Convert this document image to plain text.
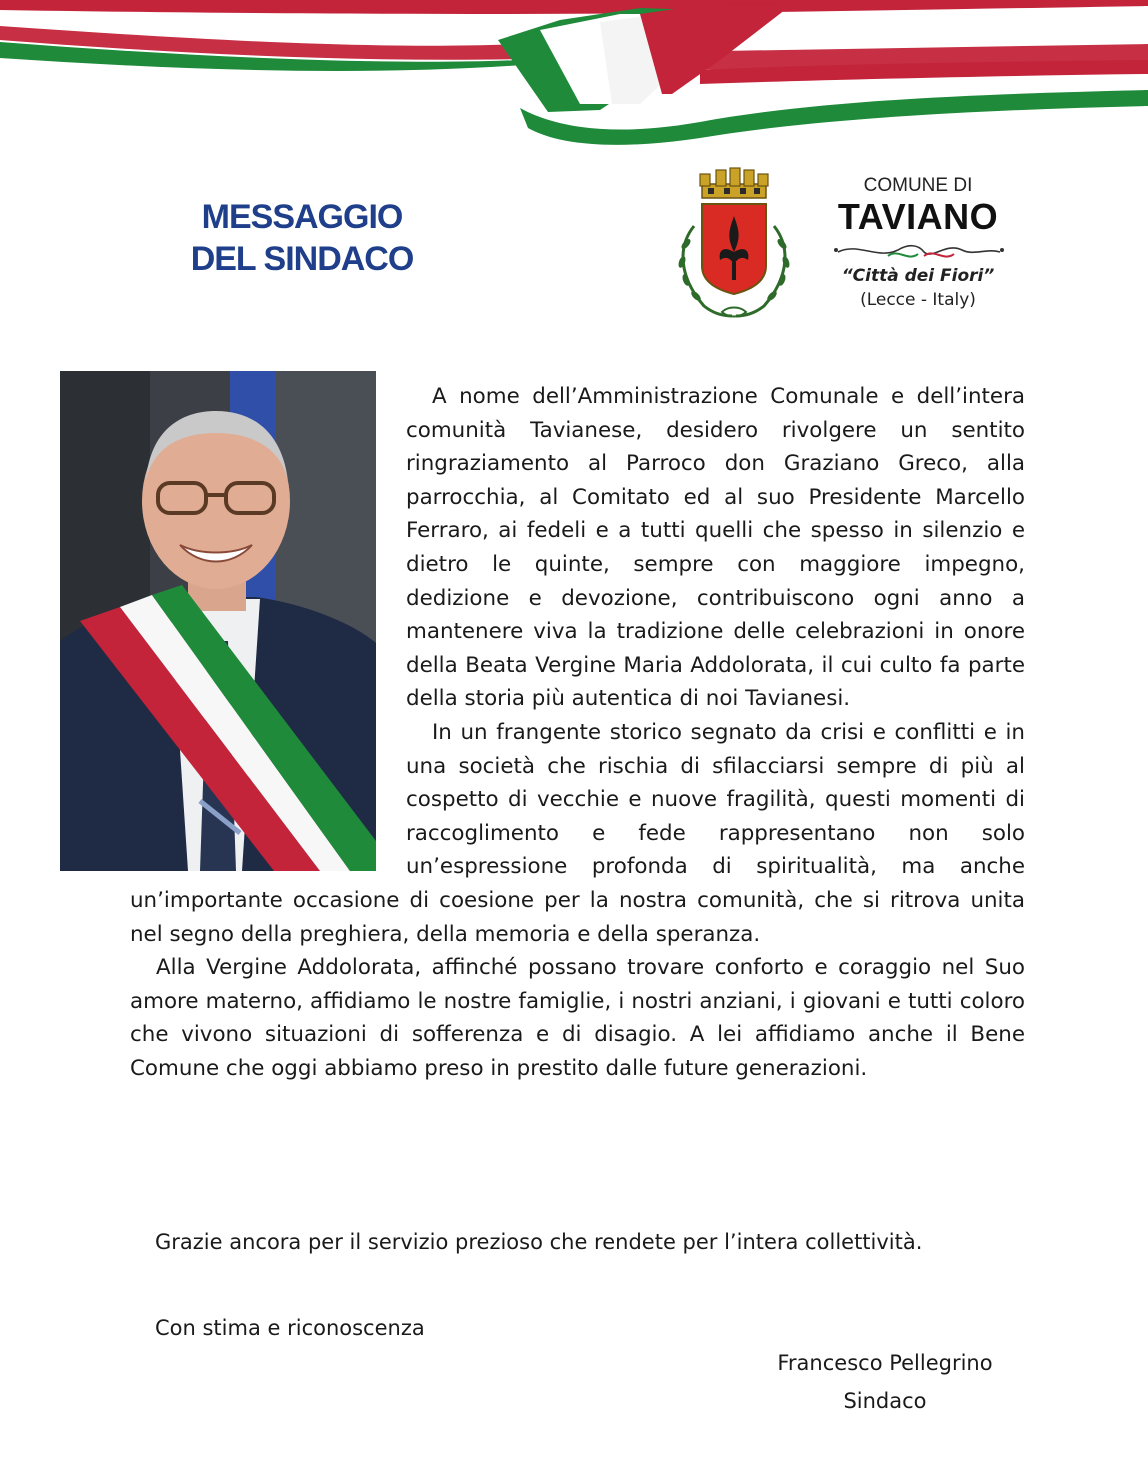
MESSAGGIO
DEL SINDACO
COMUNE DI
TAVIANO
“Città dei Fiori”
(Lecce - Italy)

A nome dell’Amministrazione Comunale e dell’intera comunità Tavianese, desidero rivolgere un sentito ringraziamento al Parroco don Graziano Greco, alla parrocchia, al Comitato ed al suo Presidente Marcello Ferraro, ai fedeli e a tutti quelli che spesso in silenzio e dietro le quinte, sempre con maggiore impegno, dedizione e devozione, contribuiscono ogni anno a mantenere viva la tradizione delle celebrazioni in onore della Beata Vergine Maria Addolorata, il cui culto fa parte della storia più autentica di noi Tavianesi.

In un frangente storico segnato da crisi e conflitti e in una società che rischia di sfilacciarsi sempre di più al cospetto di vecchie e nuove fragilità, questi momenti di raccoglimento e fede rappresentano non solo un’espressione profonda di spiritualità, ma anche un’importante occasione di coesione per la nostra comunità, che si ritrova unita nel segno della preghiera, della memoria e della speranza.

Alla Vergine Addolorata, affinché possano trovare conforto e coraggio nel Suo amore materno, affidiamo le nostre famiglie, i nostri anziani, i giovani e tutti coloro che vivono situazioni di sofferenza e di disagio. A lei affidiamo anche il Bene Comune che oggi abbiamo preso in prestito dalle future generazioni.

Grazie ancora per il servizio prezioso che rendete per l’intera collettività.
Con stima e riconoscenza
Francesco Pellegrino
Sindaco
